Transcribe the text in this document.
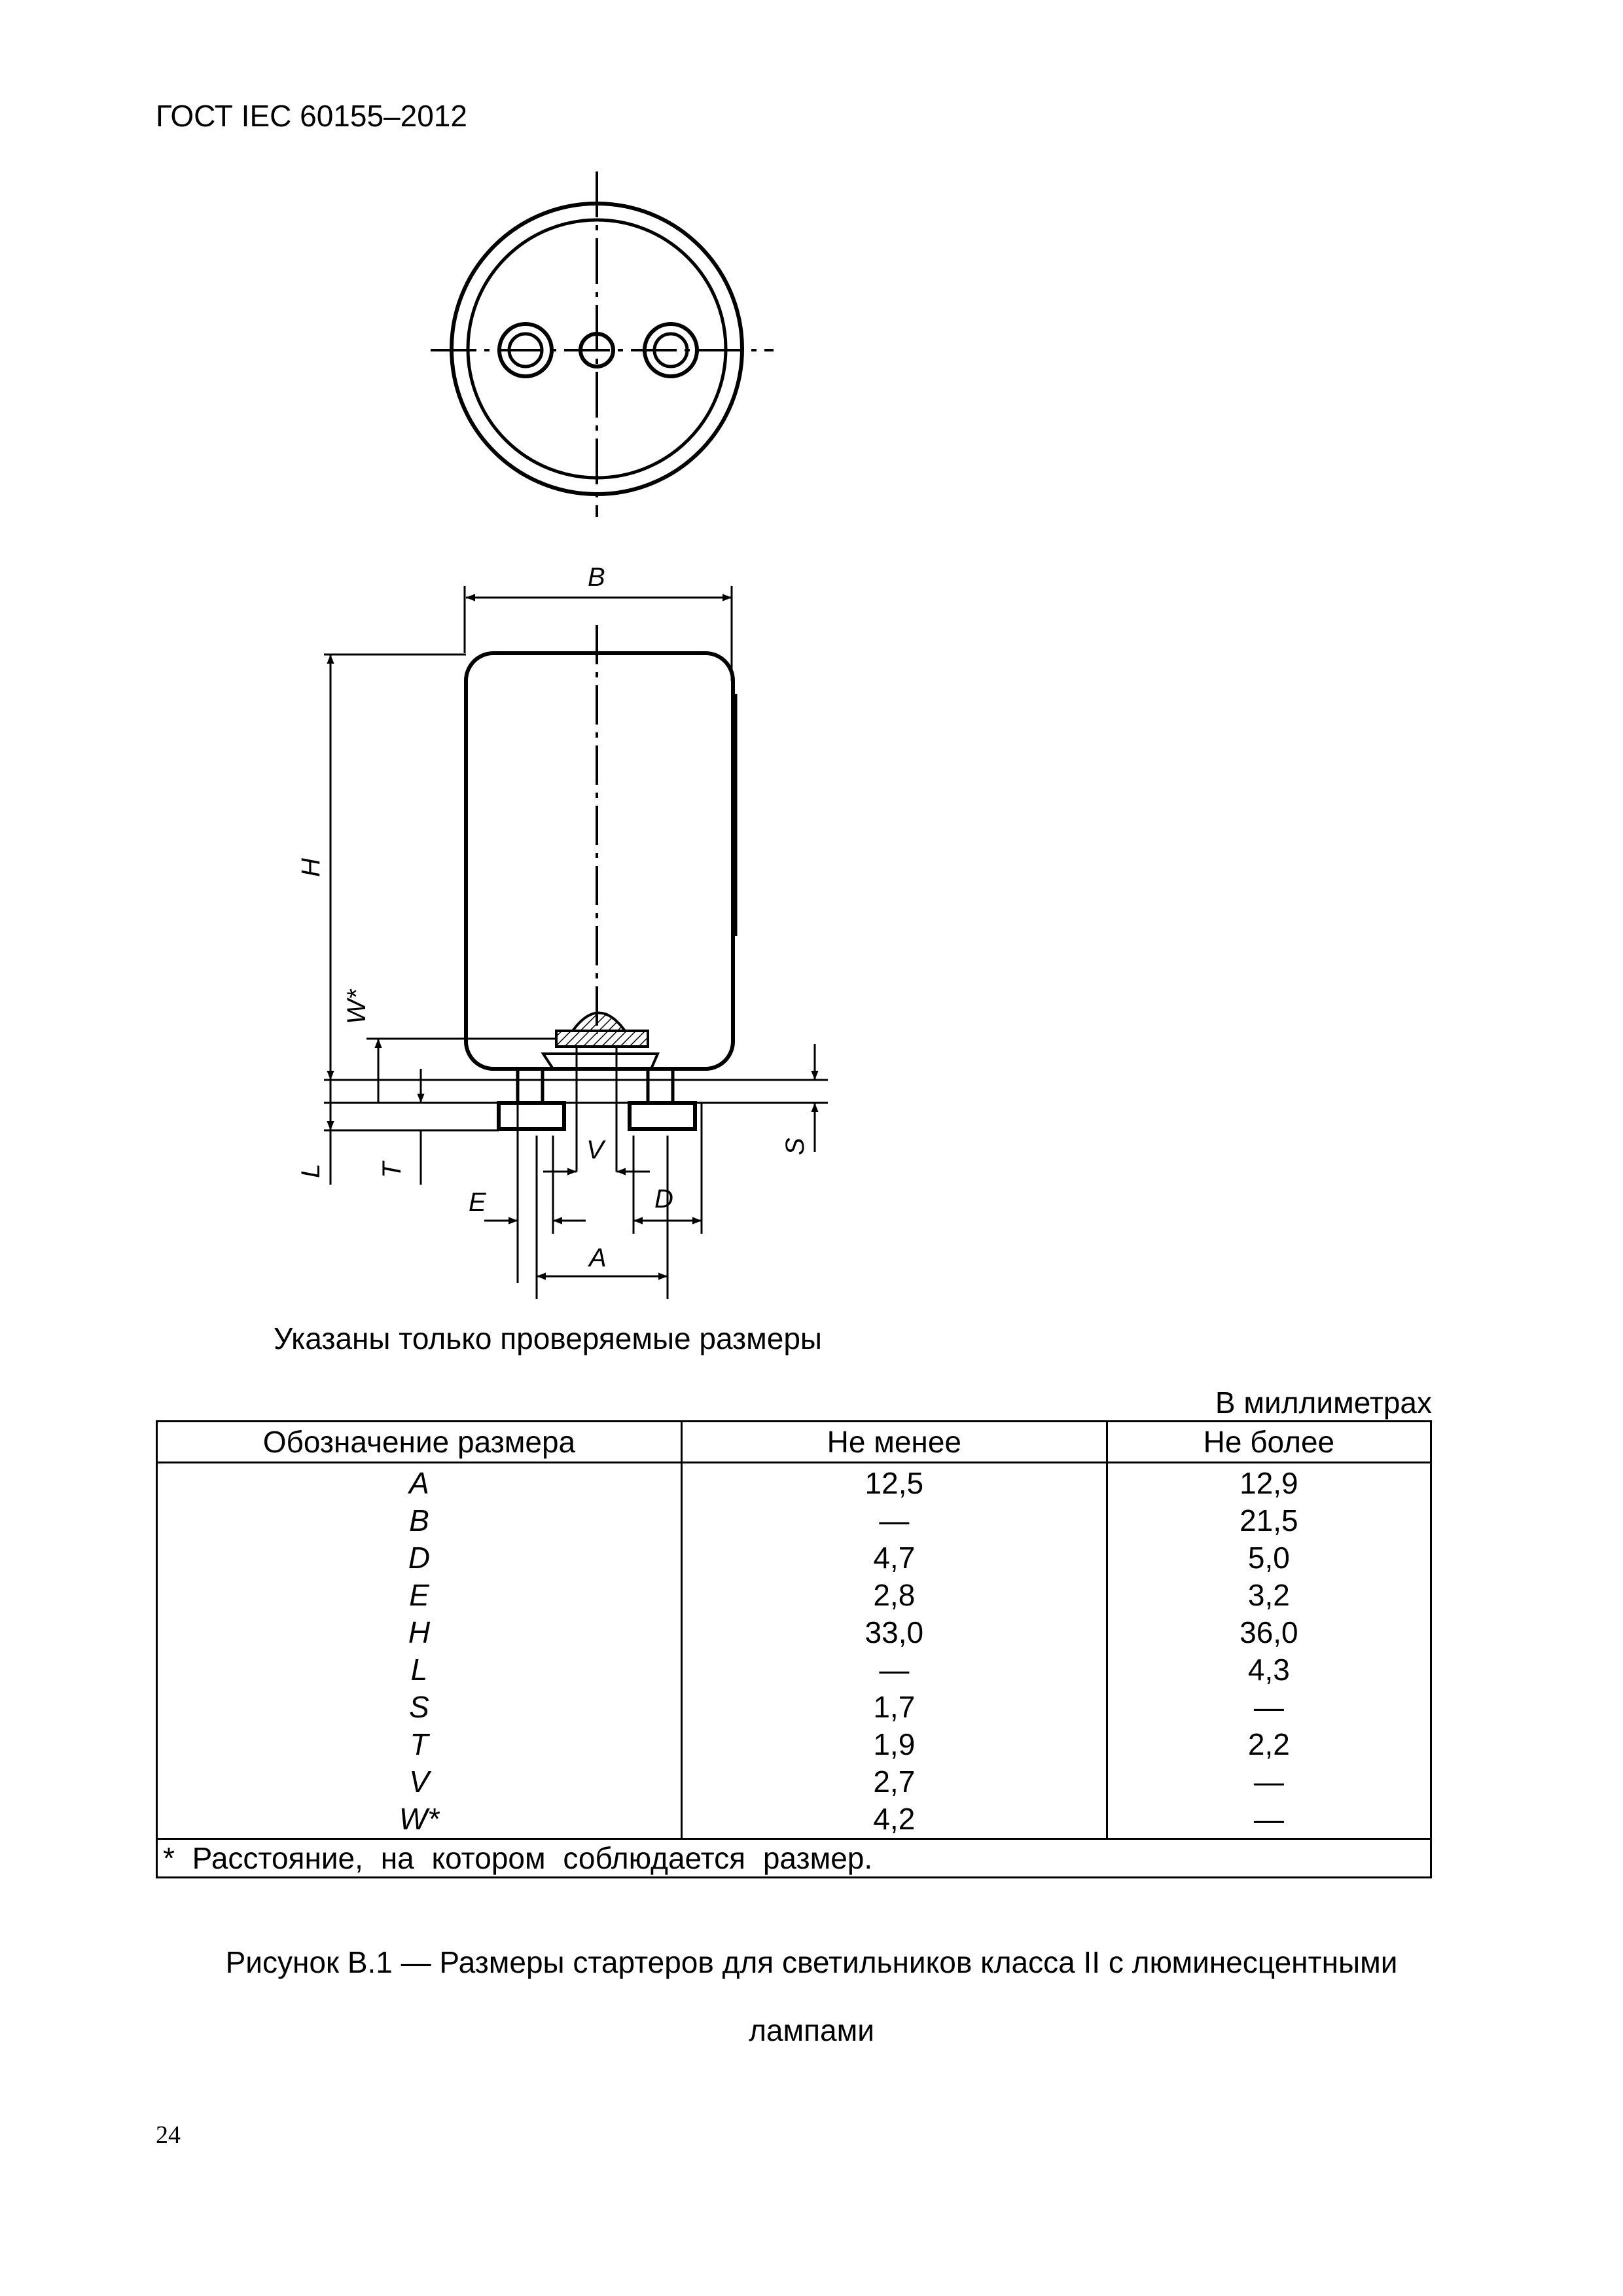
ГОСТ IEC 60155–2012
B
H
W*
L T
S
V
E	D
A
Указаны только проверяемые размеры
В миллиметрах
Обозначение размера	Не менее	Не более
A	12,5	12,9
B	—	21,5
D	4,7	5,0
E	2,8	3,2
H	33,0	36,0
L	—	4,3
S	1,7	—
T	1,9	2,2
V	2,7	—
W*	4,2	—
* Расстояние, на котором соблюдается размер.		
Рисунок В.1 — Размеры стартеров для светильников класса II с люминесцентными
лампами
24
